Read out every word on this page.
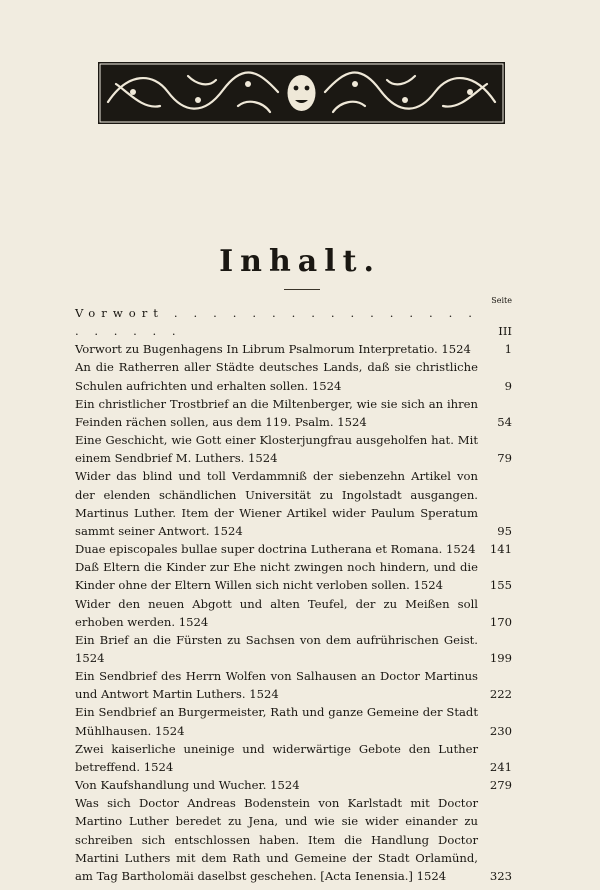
Inhalt.
Seite
Vorwort . . . . . . . . . . . . . . . . . . . . . .	III
Vorwort zu Bugenhagens In Librum Psalmorum Interpretatio. 1524	1
An die Ratherren aller Städte deutsches Lands, daß sie christliche Schulen aufrichten und erhalten sollen. 1524	9
Ein christlicher Trostbrief an die Miltenberger, wie sie sich an ihren Feinden rächen sollen, aus dem 119. Psalm. 1524	54
Eine Geschicht, wie Gott einer Klosterjungfrau ausgeholfen hat. Mit einem Sendbrief M. Luthers. 1524	79
Wider das blind und toll Verdammniß der siebenzehn Artikel von der elenden schändlichen Universität zu Ingolstadt ausgangen. Martinus Luther. Item der Wiener Artikel wider Paulum Speratum sammt seiner Antwort. 1524	95
Duae episcopales bullae super doctrina Lutherana et Romana. 1524	141
Daß Eltern die Kinder zur Ehe nicht zwingen noch hindern, und die Kinder ohne der Eltern Willen sich nicht verloben sollen. 1524	155
Wider den neuen Abgott und alten Teufel, der zu Meißen soll erhoben werden. 1524	170
Ein Brief an die Fürsten zu Sachsen von dem aufrührischen Geist. 1524	199
Ein Sendbrief des Herrn Wolfen von Salhausen an Doctor Martinus und Antwort Martin Luthers. 1524	222
Ein Sendbrief an Burgermeister, Rath und ganze Gemeine der Stadt Mühlhausen. 1524	230
Zwei kaiserliche uneinige und widerwärtige Gebote den Luther betreffend. 1524	241
Von Kaufshandlung und Wucher. 1524	279
Was sich Doctor Andreas Bodenstein von Karlstadt mit Doctor Martino Luther beredet zu Jena, und wie sie wider einander zu schreiben sich entschlossen haben. Item die Handlung Doctor Martini Luthers mit dem Rath und Gemeine der Stadt Orlamünd, am Tag Bartholomäi daselbst geschehen. [Acta Ienensia.] 1524	323
